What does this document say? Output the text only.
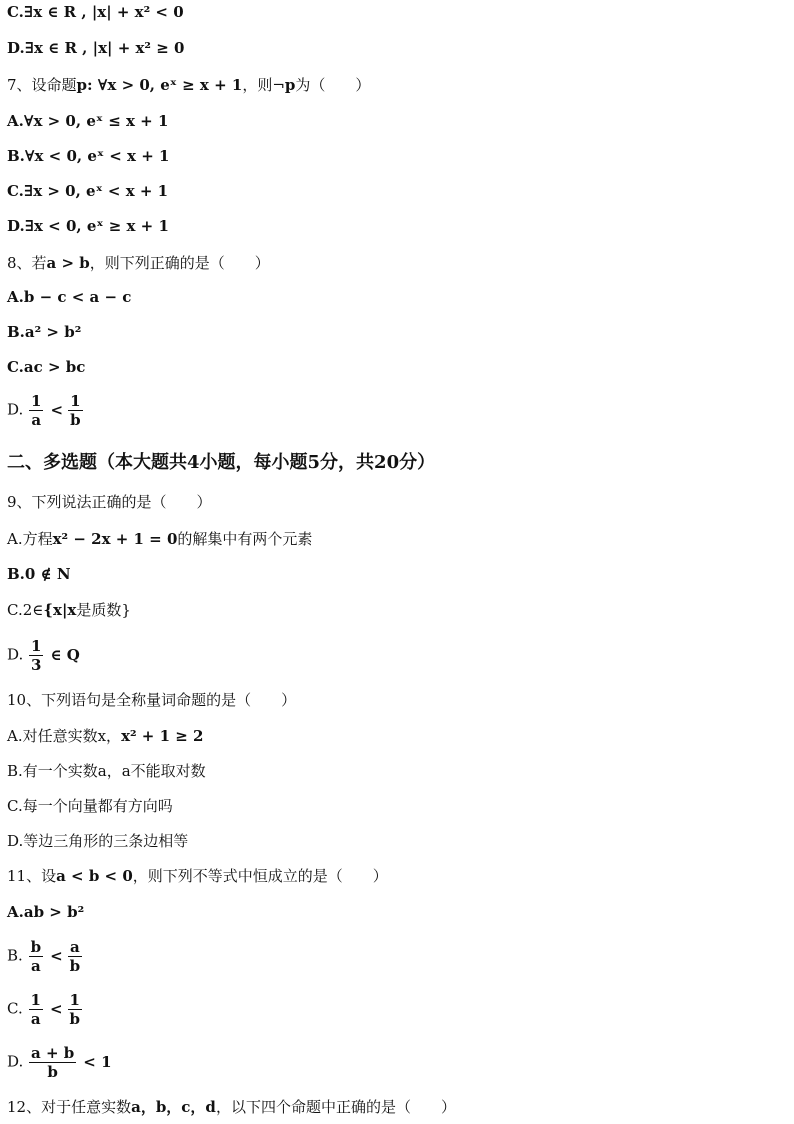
C.∃x ∈ R , |x| + x² < 0
D.∃x ∈ R , |x| + x² ≥ 0
7、设命题p: ∀x > 0, eˣ ≥ x + 1，则¬p为（　　）
A.∀x > 0, eˣ ≤ x + 1
B.∀x < 0, eˣ < x + 1
C.∃x > 0, eˣ < x + 1
D.∃x < 0, eˣ ≥ x + 1
8、若a > b，则下列正确的是（　　）
A.b − c < a − c
B.a² > b²
C.ac > bc
D. $\frac{1}{a} < \frac{1}{b}$
二、多选题（本大题共4小题，每小题5分，共20分）
9、下列说法正确的是（　　）
A.方程x² − 2x + 1 = 0的解集中有两个元素
B.0 ∉ N
C.2∈{x|x是质数}
D. $\frac{1}{3}$ ∈ Q
10、下列语句是全称量词命题的是（　　）
A.对任意实数x，x² + 1 ≥ 2
B.有一个实数a，a不能取对数
C.每一个向量都有方向吗
D.等边三角形的三条边相等
11、设a < b < 0，则下列不等式中恒成立的是（　　）
A.ab > b²
B. $\frac{b}{a} < \frac{a}{b}$
C. $\frac{1}{a} < \frac{1}{b}$
D. $\frac{a + b}{b} < 1$
12、对于任意实数a，b，c，d，以下四个命题中正确的是（　　）
